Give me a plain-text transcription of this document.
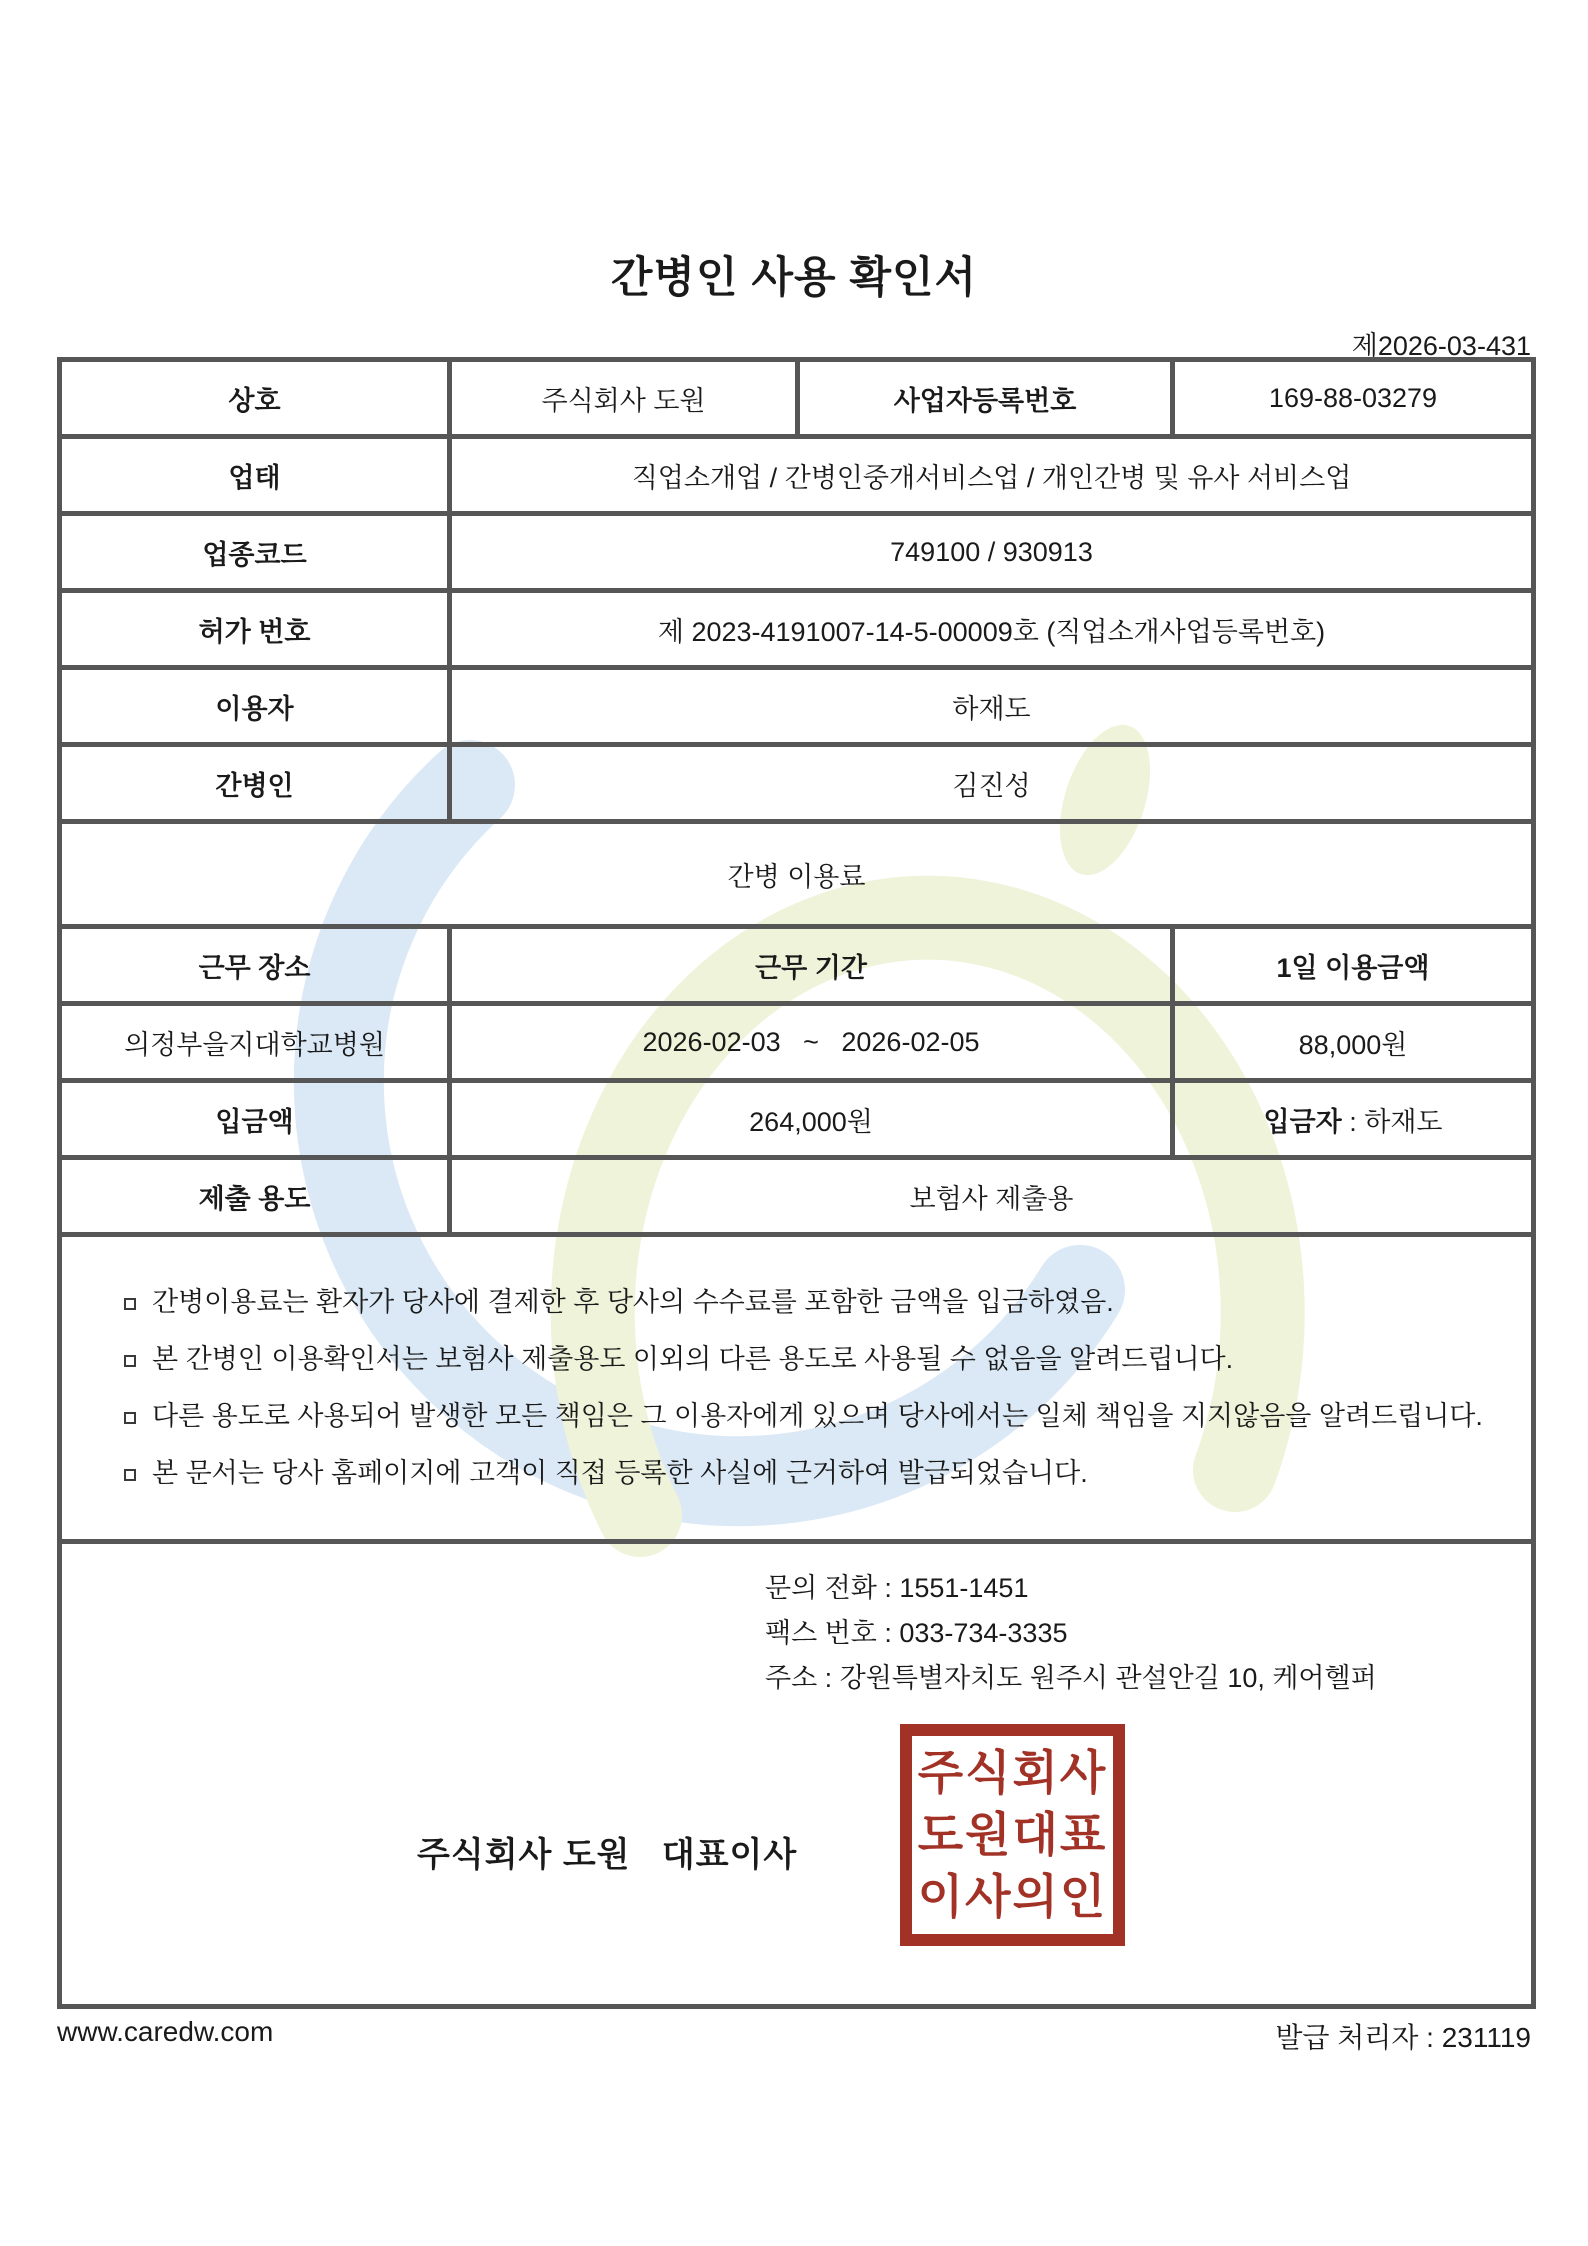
간병인 사용 확인서
제2026-03-431
상호	주식회사 도원	사업자등록번호	169-88-03279
업태	직업소개업 / 간병인중개서비스업 / 개인간병 및 유사 서비스업		
업종코드	749100 / 930913		
허가 번호	제 2023-4191007-14-5-00009호 (직업소개사업등록번호)		
이용자	하재도		
간병인	김진성		
간병 이용료			
근무 장소	근무 기간		1일 이용금액
의정부을지대학교병원	2026-02-03   ~   2026-02-05		88,000원
입금액	264,000원		입금자 : 하재도
제출 용도	보험사 제출용		

간병이용료는 환자가 당사에 결제한 후 당사의 수수료를 포함한 금액을 입금하였음.
본 간병인 이용확인서는 보험사 제출용도 이외의 다른 용도로 사용될 수 없음을 알려드립니다.
다른 용도로 사용되어 발생한 모든 책임은 그 이용자에게 있으며 당사에서는 일체 책임을 지지않음을 알려드립니다.
본 문서는 당사 홈페이지에 고객이 직접 등록한 사실에 근거하여 발급되었습니다.

문의 전화 : 1551-1451
팩스 번호 : 033-734-3335
주소 : 강원특별자치도 원주시 관설안길 10, 케어헬퍼
주식회사 도원   대표이사
주식회사
도원대표
이사의인
www.caredw.com	발급 처리자 : 231119
